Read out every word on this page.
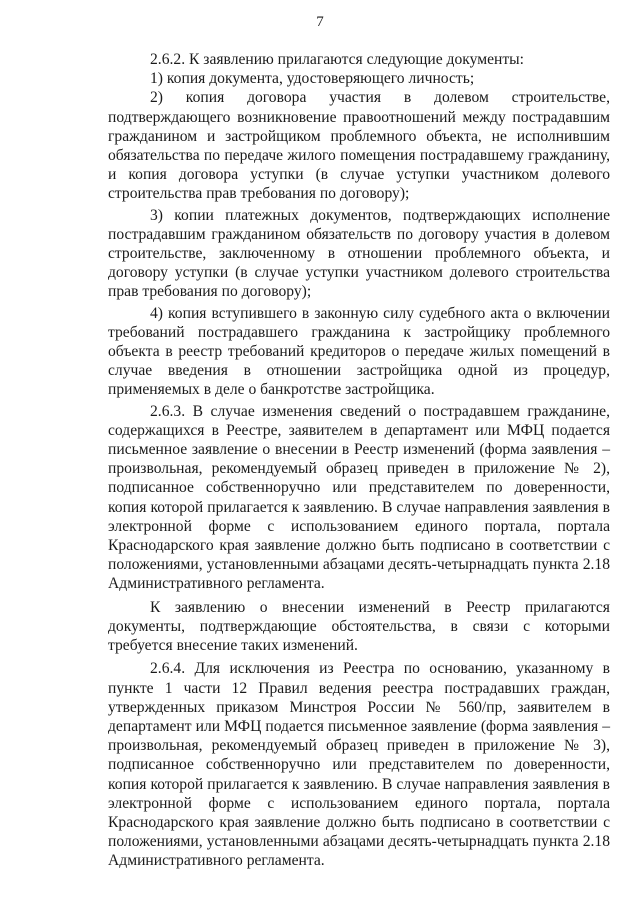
7

2.6.2. К заявлению прилагаются следующие документы:

1) копия документа, удостоверяющего личность;

2) копия договора участия в долевом строительстве, подтверждающего возникновение правоотношений между пострадавшим гражданином и застройщиком проблемного объекта, не исполнившим обязательства по передаче жилого помещения пострадавшему гражданину, и копия договора уступки (в случае уступки участником долевого строительства прав требования по договору);

3) копии платежных документов, подтверждающих исполнение пострадавшим гражданином обязательств по договору участия в долевом строительстве, заключенному в отношении проблемного объекта, и договору уступки (в случае уступки участником долевого строительства прав требования по договору);

4) копия вступившего в законную силу судебного акта о включении требований пострадавшего гражданина к застройщику проблемного объекта в реестр требований кредиторов о передаче жилых помещений в случае введения в отношении застройщика одной из процедур, применяемых в деле о банкротстве застройщика.

2.6.3. В случае изменения сведений о пострадавшем гражданине, содержащихся в Реестре, заявителем в департамент или МФЦ подается письменное заявление о внесении в Реестр изменений (форма заявления – произвольная, рекомендуемый образец приведен в приложение № 2), подписанное собственноручно или представителем по доверенности, копия которой прилагается к заявлению. В случае направления заявления в электронной форме с использованием единого портала, портала Краснодарского края заявление должно быть подписано в соответствии с положениями, установленными абзацами десять-четырнадцать пункта 2.18 Административного регламента.

К заявлению о внесении изменений в Реестр прилагаются документы, подтверждающие обстоятельства, в связи с которыми требуется внесение таких изменений.

2.6.4. Для исключения из Реестра по основанию, указанному в пункте 1 части 12 Правил ведения реестра пострадавших граждан, утвержденных приказом Минстроя России № 560/пр, заявителем в департамент или МФЦ подается письменное заявление (форма заявления – произвольная, рекомендуемый образец приведен в приложение № 3), подписанное собственноручно или представителем по доверенности, копия которой прилагается к заявлению. В случае направления заявления в электронной форме с использованием единого портала, портала Краснодарского края заявление должно быть подписано в соответствии с положениями, установленными абзацами десять-четырнадцать пункта 2.18 Административного регламента.
